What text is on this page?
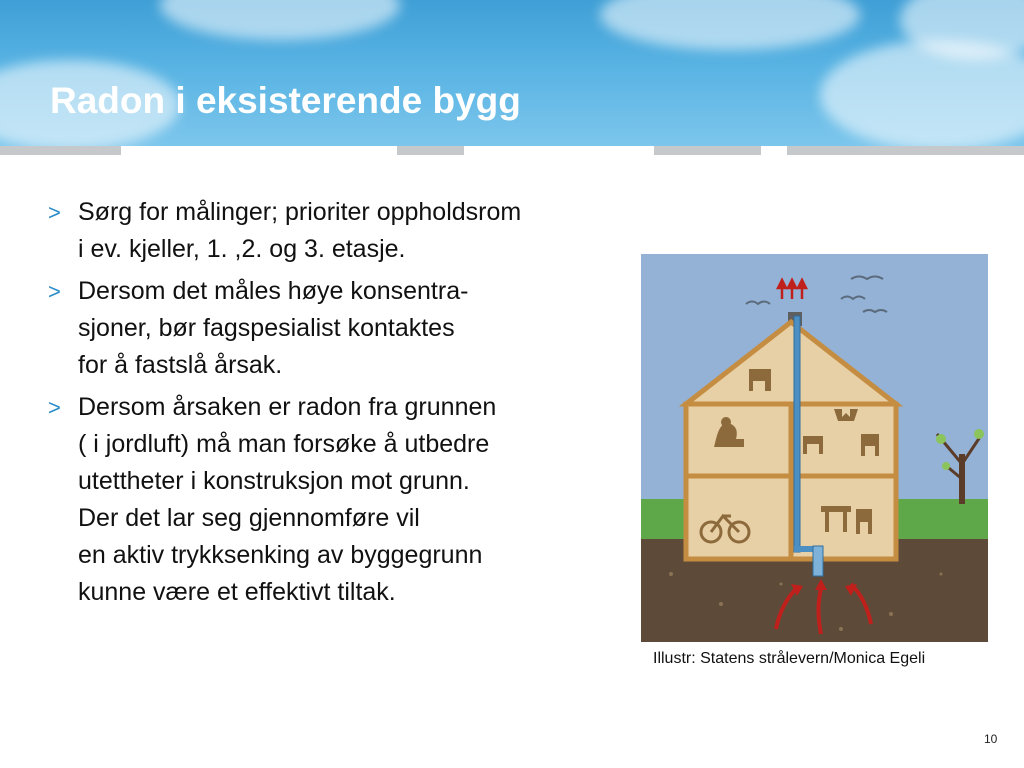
Radon i eksisterende bygg
> Sørg for målinger; prioriter oppholdsrom
i ev. kjeller, 1. ,2. og 3. etasje.
> Dersom det måles høye konsentra-
sjoner, bør fagspesialist kontaktes
for å fastslå årsak.
> Dersom årsaken er radon fra grunnen
( i jordluft) må man forsøke å utbedre
utettheter i konstruksjon mot grunn.
Der det lar seg gjennomføre vil
en aktiv trykksenking av byggegrunn
kunne være et effektivt tiltak.
Illustr: Statens strålevern/Monica Egeli
10
